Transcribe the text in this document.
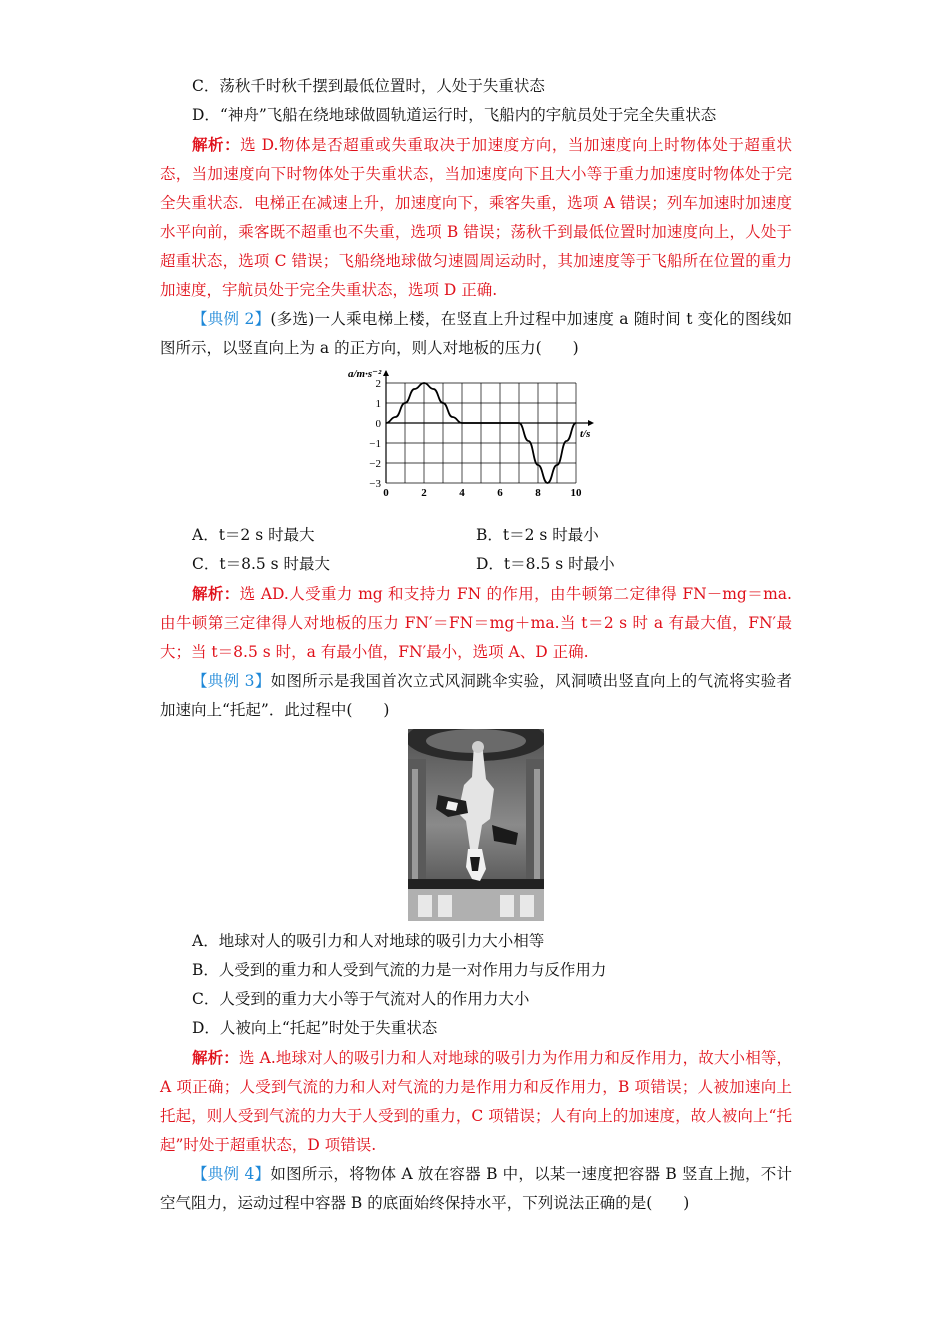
C．荡秋千时秋千摆到最低位置时，人处于失重状态
D．“神舟”飞船在绕地球做圆轨道运行时，飞船内的宇航员处于完全失重状态
解析：选 D.物体是否超重或失重取决于加速度方向，当加速度向上时物体处于超重状态，当加速度向下时物体处于失重状态，当加速度向下且大小等于重力加速度时物体处于完全失重状态．电梯正在减速上升，加速度向下，乘客失重，选项 A 错误；列车加速时加速度水平向前，乘客既不超重也不失重，选项 B 错误；荡秋千到最低位置时加速度向上，人处于超重状态，选项 C 错误；飞船绕地球做匀速圆周运动时，其加速度等于飞船所在位置的重力加速度，宇航员处于完全失重状态，选项 D 正确.
【典例 2】(多选)一人乘电梯上楼，在竖直上升过程中加速度 a 随时间 t 变化的图线如图所示，以竖直向上为 a 的正方向，则人对地板的压力(　　)
a/m·s⁻²
t/s
2
1
0
−1
−2
−3
0	2	4	6	8	10
A．t＝2 s 时最大	B．t＝2 s 时最小
C．t＝8.5 s 时最大	D．t＝8.5 s 时最小
解析：选 AD.人受重力 mg 和支持力 FN 的作用，由牛顿第二定律得 FN－mg＝ma.由牛顿第三定律得人对地板的压力 FN′＝FN＝mg＋ma.当 t＝2 s 时 a 有最大值，FN′最大；当 t＝8.5 s 时，a 有最小值，FN′最小，选项 A、D 正确.
【典例 3】如图所示是我国首次立式风洞跳伞实验，风洞喷出竖直向上的气流将实验者加速向上“托起”．此过程中(　　)
A．地球对人的吸引力和人对地球的吸引力大小相等
B．人受到的重力和人受到气流的力是一对作用力与反作用力
C．人受到的重力大小等于气流对人的作用力大小
D．人被向上“托起”时处于失重状态
解析：选 A.地球对人的吸引力和人对地球的吸引力为作用力和反作用力，故大小相等，A 项正确；人受到气流的力和人对气流的力是作用力和反作用力，B 项错误；人被加速向上托起，则人受到气流的力大于人受到的重力，C 项错误；人有向上的加速度，故人被向上“托起”时处于超重状态，D 项错误.
【典例 4】如图所示，将物体 A 放在容器 B 中，以某一速度把容器 B 竖直上抛，不计空气阻力，运动过程中容器 B 的底面始终保持水平，下列说法正确的是(　　)
